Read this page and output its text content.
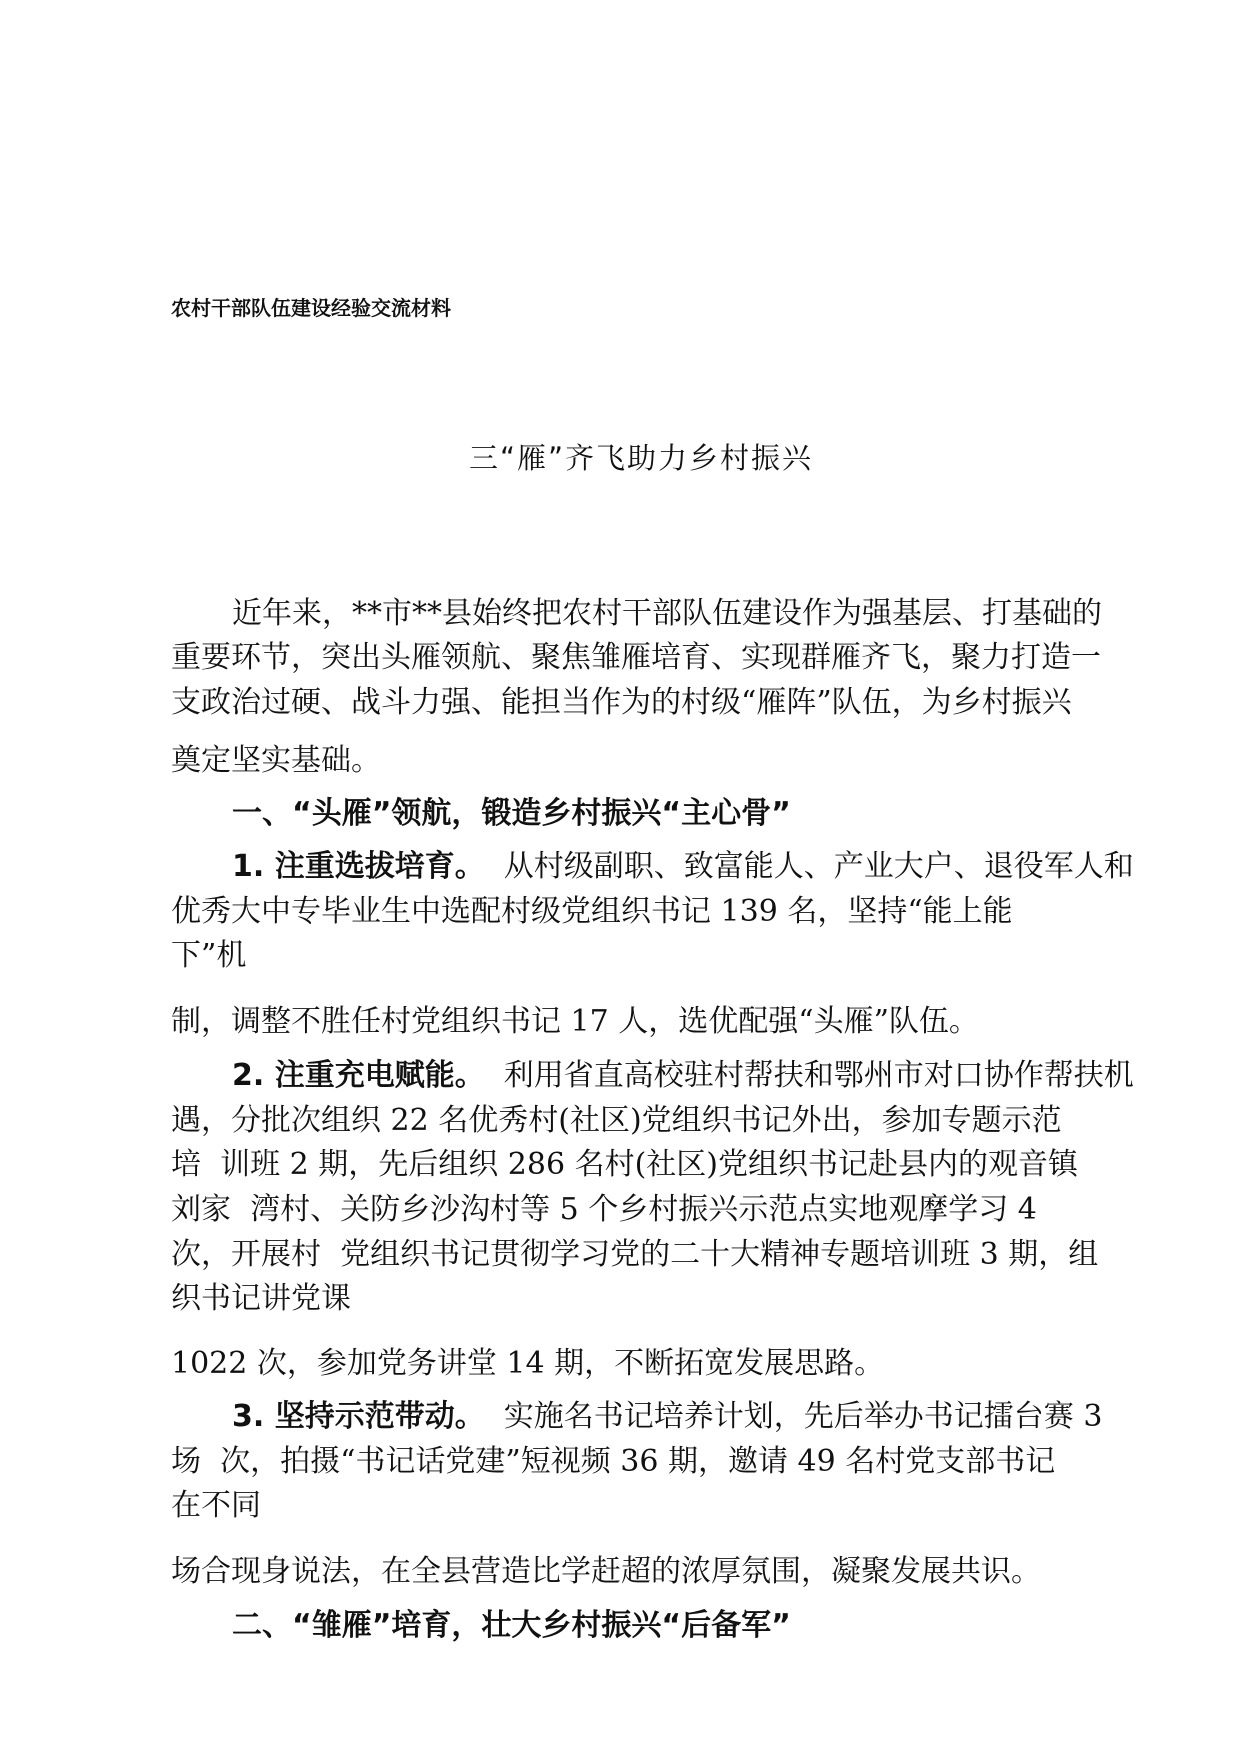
农村干部队伍建设经验交流材料
三“雁”齐飞助力乡村振兴
近年来，**市**县始终把农村干部队伍建设作为强基层、打基础的
重要环节，突出头雁领航、聚焦雏雁培育、实现群雁齐飞，聚力打造一
支政治过硬、战斗力强、能担当作为的村级“雁阵”队伍，为乡村振兴
奠定坚实基础。
一、“头雁”领航，锻造乡村振兴“主心骨”
1. 注重选拔培育。 从村级副职、致富能人、产业大户、退役军人和
优秀大中专毕业生中选配村级党组织书记 139 名，坚持“能上能
下”机
制，调整不胜任村党组织书记 17 人，选优配强“头雁”队伍。
2. 注重充电赋能。 利用省直高校驻村帮扶和鄂州市对口协作帮扶机
遇，分批次组织 22 名优秀村(社区)党组织书记外出，参加专题示范
培  训班 2 期，先后组织 286 名村(社区)党组织书记赴县内的观音镇
刘家  湾村、关防乡沙沟村等 5 个乡村振兴示范点实地观摩学习 4
次，开展村  党组织书记贯彻学习党的二十大精神专题培训班 3 期，组
织书记讲党课
1022 次，参加党务讲堂 14 期，不断拓宽发展思路。
3. 坚持示范带动。 实施名书记培养计划，先后举办书记擂台赛 3
场  次，拍摄“书记话党建”短视频 36 期，邀请 49 名村党支部书记
在不同
场合现身说法，在全县营造比学赶超的浓厚氛围，凝聚发展共识。
二、“雏雁”培育，壮大乡村振兴“后备军”
